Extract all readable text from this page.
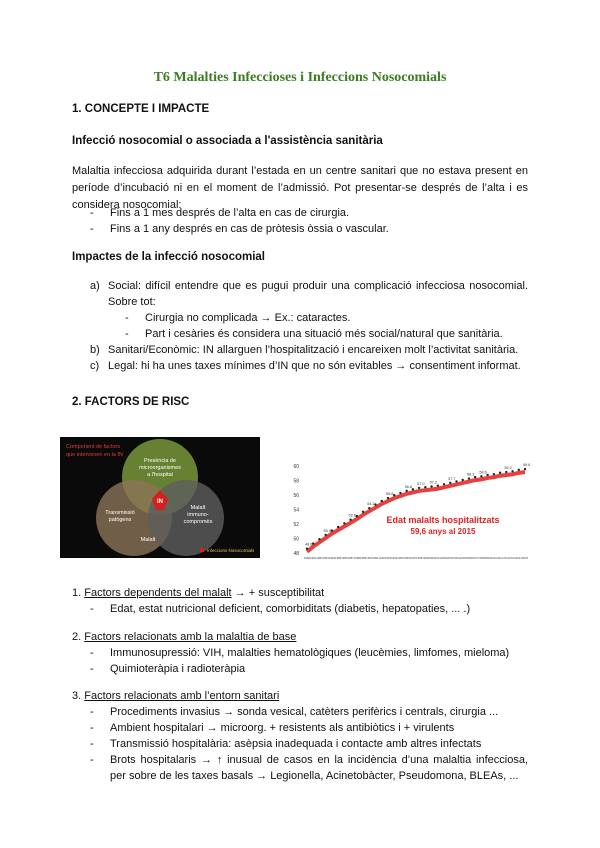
T6 Malalties Infeccioses i Infeccions Nosocomials
1. CONCEPTE I IMPACTE
Infecció nosocomial o associada a l'assistència sanitària
Malaltia infecciosa adquirida durant l’estada en un centre sanitari que no estava present en
període d’incubació ni en el moment de l’admissió. Pot presentar-se després de l’alta i es
considera nosocomial:
- Fins a 1 mes després de l’alta en cas de cirurgia.
- Fins a 1 any després en cas de pròtesis òssia o vascular.
Impactes de la infecció nosocomial
a) Social: difícil entendre que es pugui produir una complicació infecciosa nosocomial.
Sobre tot:
- Cirurgia no complicada → Ex.: cataractes.
- Part i cesàries és considera una situació més social/natural que sanitària.
b) Sanitari/Econòmic: IN allarguen l’hospitalització i encareixen molt l’activitat sanitària.
c) Legal: hi ha unes taxes mínimes d’IN que no són evitables → consentiment informat.
2. FACTORS DE RISC
Component de factors
que intervenen en la IN
IN
Presència de
microorganismes
a l'hospital
Transmissió
patògens
Malalt
immuno-
compromès
Malalt
Infeccions Nosocomials
48
50
52
54
56
58
60
48.6
50.5
52.6
54.2
55.6
56.6
57.0 57.2
57.7
58.3
58.6
59.2
59.6
1980 1981 1982 1983 1984 1985 1986 1987 1988 1989 1990 1991 1992 1993 1994 1995 1996 1997 1998 1999 2000 2001 2002 2003 2004 2005 2006 2007 2008 2009 2010 2011 2012 2013 2014 2015
Edat malalts hospitalitzats
59,6 anys al 2015
1. Factors dependents del malalt → + susceptibilitat
- Edat, estat nutricional deficient, comorbiditats (diabetis, hepatopaties, ... .)
2. Factors relacionats amb la malaltia de base
- Immunosupressió: VIH, malalties hematològiques (leucèmies, limfomes, mieloma)
- Quimioteràpia i radioteràpia
3. Factors relacionats amb l’entorn sanitari
- Procediments invasius → sonda vesical, catèters perifèrics i centrals, cirurgia ...
- Ambient hospitalari → microorg. + resistents als antibiòtics i + virulents
- Transmissió hospitalària: asèpsia inadequada i contacte amb altres infectats
- Brots hospitalaris → ↑ inusual de casos en la incidència d’una malaltia infecciosa,
per sobre de les taxes basals → Legionella, Acinetobàcter, Pseudomona, BLEAs, ...
